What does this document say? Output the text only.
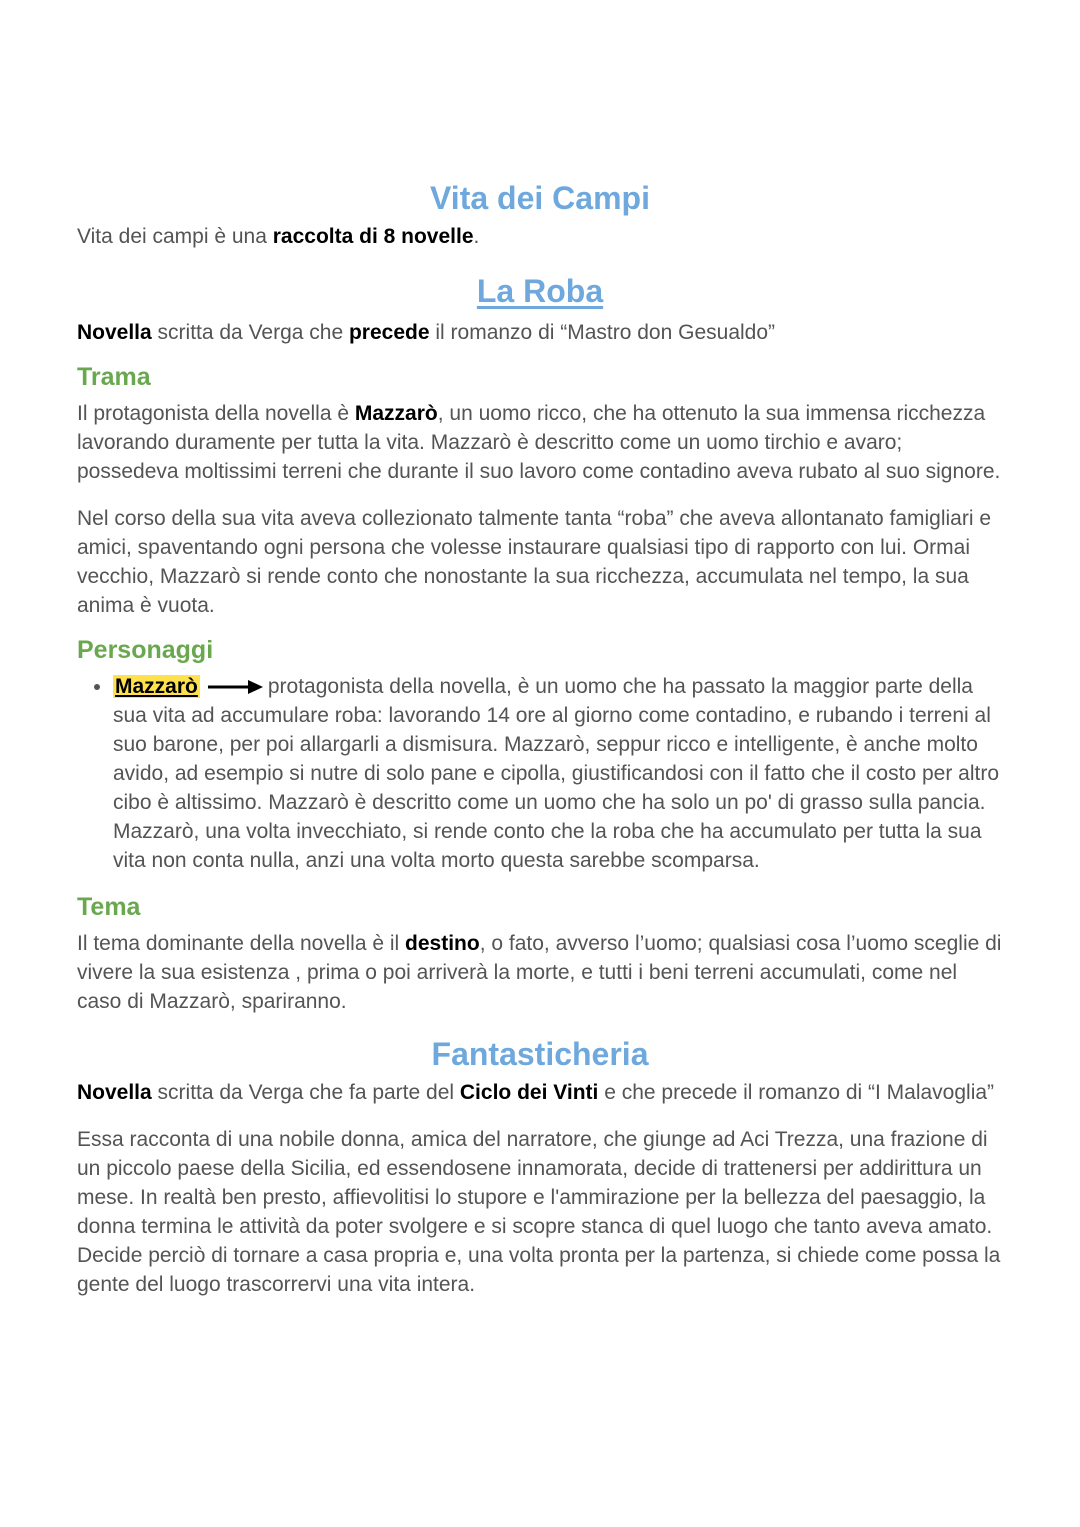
Vita dei Campi

Vita dei campi è una raccolta di 8 novelle.

La Roba

Novella scritta da Verga che precede il romanzo di “Mastro don Gesualdo”

Trama

Il protagonista della novella è Mazzarò, un uomo ricco, che ha ottenuto la sua immensa ricchezza lavorando duramente per tutta la vita. Mazzarò è descritto come un uomo tirchio e avaro; possedeva moltissimi terreni che durante il suo lavoro come contadino aveva rubato al suo signore.

Nel corso della sua vita aveva collezionato talmente tanta “roba” che aveva allontanato famigliari e amici, spaventando ogni persona che volesse instaurare qualsiasi tipo di rapporto con lui. Ormai vecchio, Mazzarò si rende conto che nonostante la sua ricchezza, accumulata nel tempo, la sua anima è vuota.

Personaggi
• Mazzarò	protagonista della novella, è un uomo che ha passato la maggior parte della sua vita ad accumulare roba: lavorando 14 ore al giorno come contadino, e rubando i terreni al suo barone, per poi allargarli a dismisura. Mazzarò, seppur ricco e intelligente, è anche molto avido, ad esempio si nutre di solo pane e cipolla, giustificandosi con il fatto che il costo per altro cibo è altissimo. Mazzarò è descritto come un uomo che ha solo un po' di grasso sulla pancia. Mazzarò, una volta invecchiato, si rende conto che la roba che ha accumulato per tutta la sua vita non conta nulla, anzi una volta morto questa sarebbe scomparsa.
Tema

Il tema dominante della novella è il destino, o fato, avverso l’uomo; qualsiasi cosa l’uomo sceglie di vivere la sua esistenza , prima o poi arriverà la morte, e tutti i beni terreni accumulati, come nel caso di Mazzarò, spariranno.

Fantasticheria

Novella scritta da Verga che fa parte del Ciclo dei Vinti e che precede il romanzo di “I Malavoglia”

Essa racconta di una nobile donna, amica del narratore, che giunge ad Aci Trezza, una frazione di un piccolo paese della Sicilia, ed essendosene innamorata, decide di trattenersi per addirittura un mese. In realtà ben presto, affievolitisi lo stupore e l'ammirazione per la bellezza del paesaggio, la donna termina le attività da poter svolgere e si scopre stanca di quel luogo che tanto aveva amato. Decide perciò di tornare a casa propria e, una volta pronta per la partenza, si chiede come possa la gente del luogo trascorrervi una vita intera.
